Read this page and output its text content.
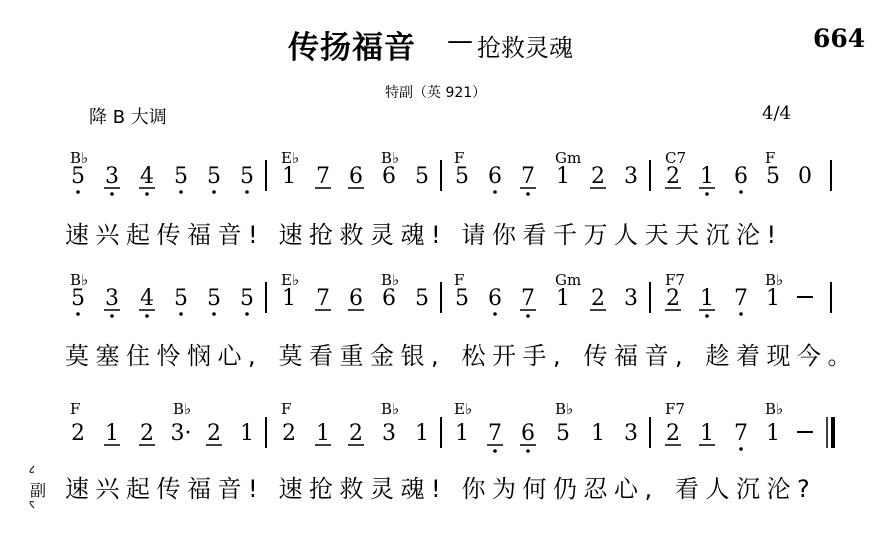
传扬福音 — 抢救灵魂	664
特副（英 921）
降 B 大调	4/4
5 3 4 5 5 5 1 7 6 6 5 5 6 7 1 2 3 2 1 6 5 0
B♭	E♭	B♭	F	Gm	C7	F
速 兴 起 传 福 音 ! 速 抢 救 灵 魂 ! 请 你 看 千 万 人 天 天 沉 沦 !
5 3 4 5 5 5 1 7 6 6 5 5 6 7 1 2 3 2 1 7 1
B♭	E♭	B♭	F	Gm	F7	B♭
莫 塞 住 怜 悯 心 , 莫 看 重 金 银 , 松 开 手 , 传 福 音 , 趁 着 现 今 。
2 1 2 3· 2 1 2 1 2 3 1 1 7 6 5 1 3 2 1 7 1
F	B♭	F	B♭	E♭	B♭	F7	B♭
速 兴 起 传 福 音 ! 速 抢 救 灵 魂 ! 你 为 何 仍 忍 心 , 看 人 沉 沦 ?
副
